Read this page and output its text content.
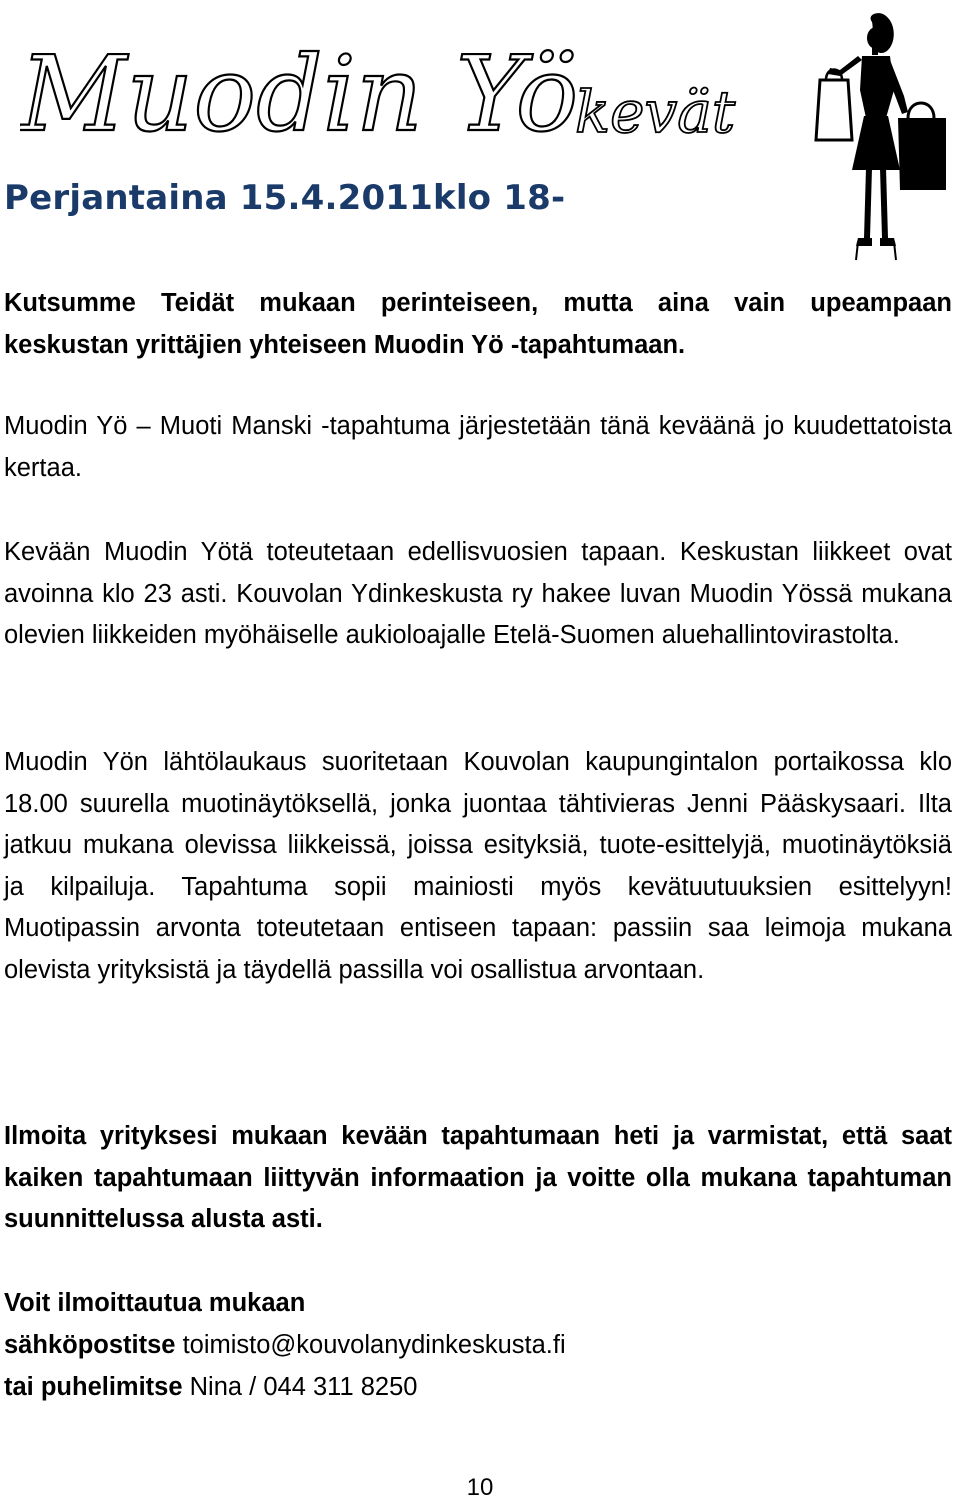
Muodin Yö
kevät
Perjantaina 15.4.2011klo 18-

Kutsumme Teidät mukaan perinteiseen, mutta aina vain upeampaan keskustan yrittäjien yhteiseen Muodin Yö -tapahtumaan.

Muodin Yö – Muoti Manski -tapahtuma järjestetään tänä keväänä jo kuudettatoista kertaa.

Kevään Muodin Yötä toteutetaan edellisvuosien tapaan. Keskustan liikkeet ovat avoinna klo 23 asti. Kouvolan Ydinkeskusta ry hakee luvan Muodin Yössä mukana olevien liikkeiden myöhäiselle aukioloajalle Etelä-Suomen aluehallintovirastolta.

Muodin Yön lähtölaukaus suoritetaan Kouvolan kaupungintalon portaikossa klo 18.00 suurella muotinäytöksellä, jonka juontaa tähtivieras Jenni Pääskysaari. Ilta jatkuu mukana olevissa liikkeissä, joissa esityksiä, tuote-esittelyjä, muotinäytöksiä ja kilpailuja. Tapahtuma sopii mainiosti myös kevätuutuuksien esittelyyn! Muotipassin arvonta toteutetaan entiseen tapaan: passiin saa leimoja mukana olevista yrityksistä ja täydellä passilla voi osallistua arvontaan.

Ilmoita yrityksesi mukaan kevään tapahtumaan heti ja varmistat, että saat kaiken tapahtumaan liittyvän informaation ja voitte olla mukana tapahtuman suunnittelussa alusta asti.

Voit ilmoittautua mukaan
sähköpostitse toimisto@kouvolanydinkeskusta.fi
tai puhelimitse Nina / 044 311 8250
10
